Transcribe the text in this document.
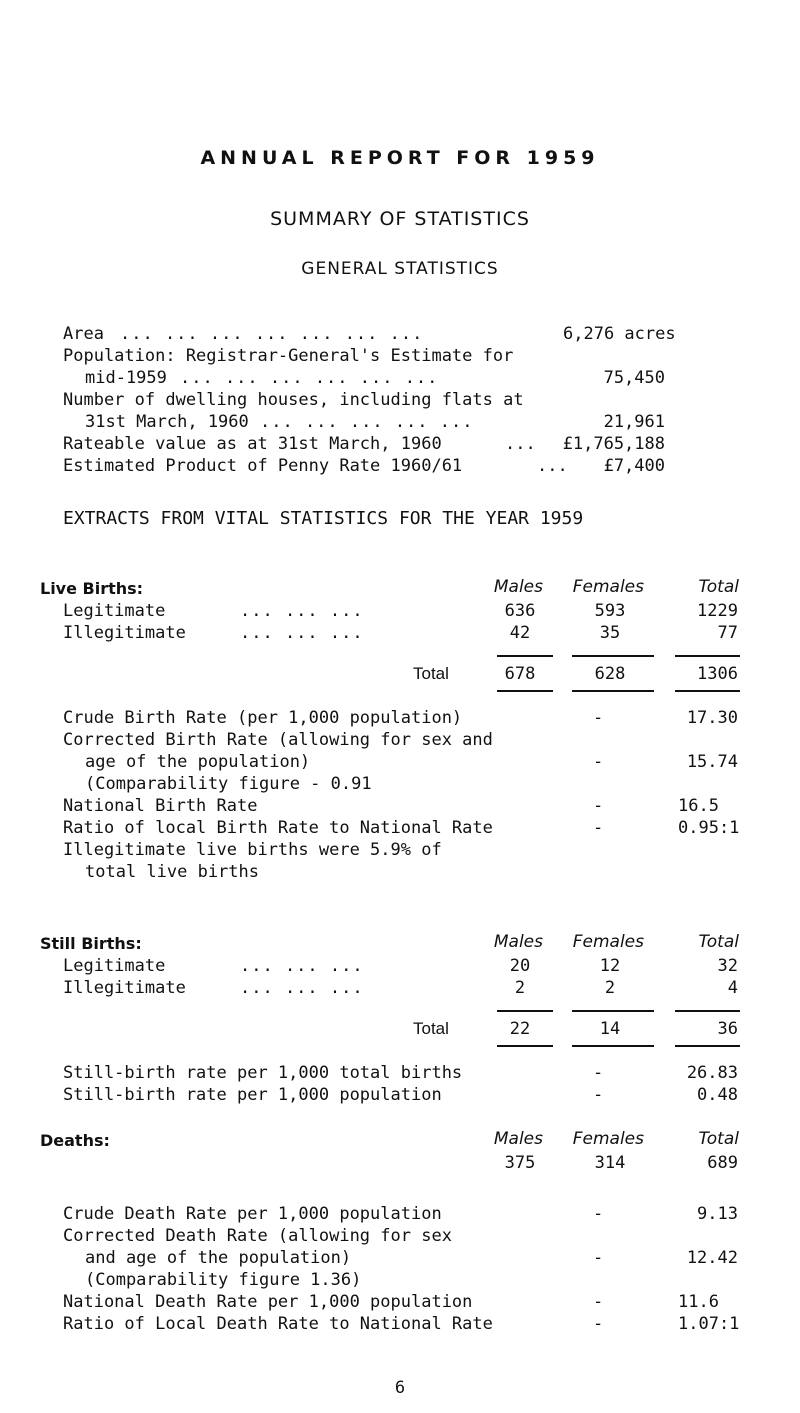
ANNUAL REPORT FOR 1959
SUMMARY OF STATISTICS
GENERAL STATISTICS
Area ... ... ... ... ... ... ...	6,276 acres
Population: Registrar-General's Estimate for
mid-1959 ... ... ... ... ... ...	75,450
Number of dwelling houses, including flats at
31st March, 1960 ... ... ... ... ...	21,961
Rateable value as at 31st March, 1960	...	£1,765,188
Estimated Product of Penny Rate 1960/61	...	£7,400
EXTRACTS FROM VITAL STATISTICS FOR THE YEAR 1959
Live Births:	Males	Females	Total
Legitimate	... ... ...	636	593	1229
Illegitimate	... ... ...	42	35	77
Total	678	628	1306
Crude Birth Rate (per 1,000 population)	-	17.30
Corrected Birth Rate (allowing for sex and
age of the population)	-	15.74
(Comparability figure - 0.91
National Birth Rate	-	16.5
Ratio of local Birth Rate to National Rate	-	0.95:1
Illegitimate live births were 5.9% of
total live births
Still Births:	Males	Females	Total
Legitimate	... ... ...	20	12	32
Illegitimate	... ... ...	2	2	4
Total	22	14	36
Still-birth rate per 1,000 total births	-	26.83
Still-birth rate per 1,000 population	-	0.48
Deaths:	Males	Females	Total
375	314	689
Crude Death Rate per 1,000 population	-	9.13
Corrected Death Rate (allowing for sex
and age of the population)	-	12.42
(Comparability figure 1.36)
National Death Rate per 1,000 population	-	11.6
Ratio of Local Death Rate to National Rate	-	1.07:1
6
